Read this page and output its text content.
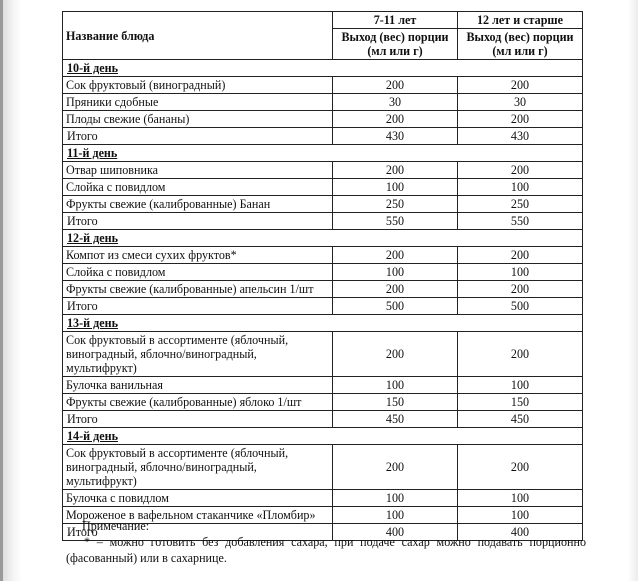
Название блюда	7-11 лет	12 лет и старше
	Выход (вес) порции (мл или г)	Выход (вес) порции (мл или г)
10-й день		
Сок фруктовый (виноградный)	200	200
Пряники сдобные	30	30
Плоды свежие (бананы)	200	200
Итого	430	430
11-й день		
Отвар шиповника	200	200
Слойка с повидлом	100	100
Фрукты свежие (калиброванные) Банан	250	250
Итого	550	550
12-й день		
Компот из смеси сухих фруктов*	200	200
Слойка с повидлом	100	100
Фрукты свежие (калиброванные) апельсин 1/шт	200	200
Итого	500	500
13-й день		
Сок фруктовый в ассортименте (яблочный, виноградный, яблочно/виноградный, мультифрукт)	200	200
Булочка ванильная	100	100
Фрукты свежие (калиброванные) яблоко 1/шт	150	150
Итого	450	450
14-й день		
Сок фруктовый в ассортименте (яблочный, виноградный, яблочно/виноградный, мультифрукт)	200	200
Булочка с повидлом	100	100
Мороженое в вафельном стаканчике «Пломбир»	100	100
Итого	400	400
Примечание:
* – можно готовить без добавления сахара, при подаче сахар можно подавать порционно (фасованный) или в сахарнице.
